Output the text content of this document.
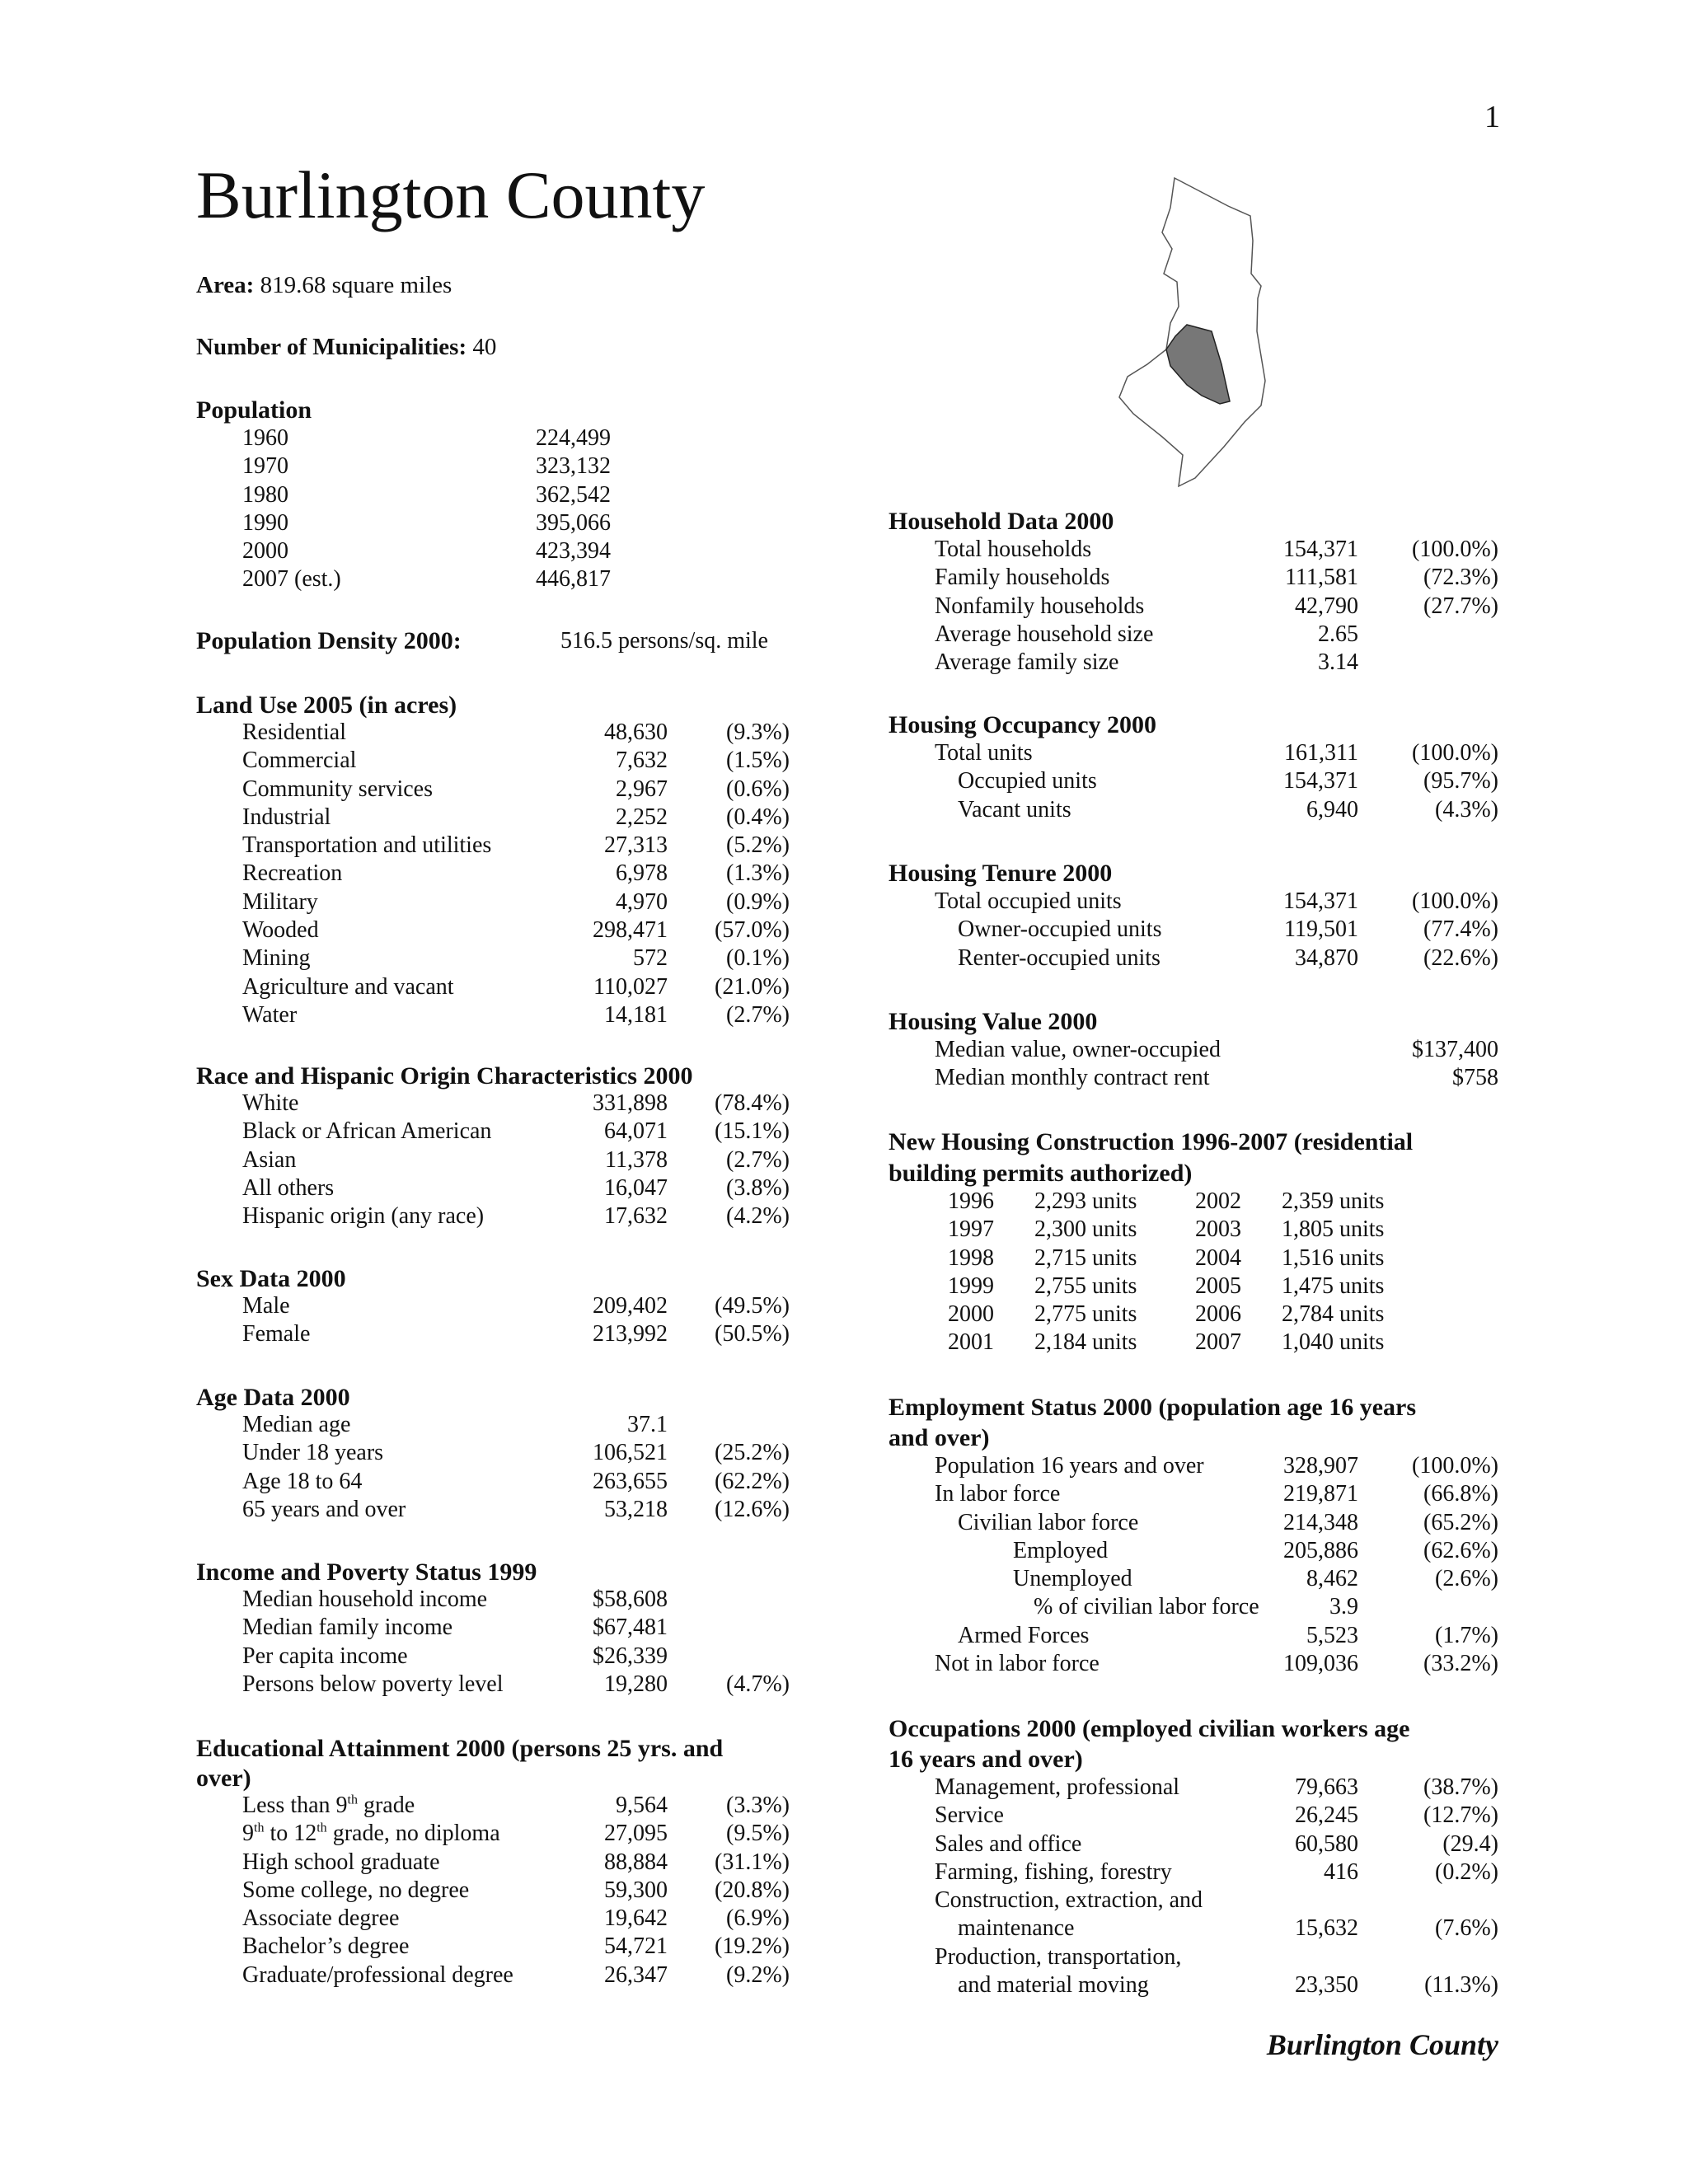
1
Burlington County
Area: 819.68 square miles
Number of Municipalities: 40
Population
1960	224,499
1970	323,132
1980	362,542
1990	395,066
2000	423,394
2007 (est.)	446,817
Population Density 2000:	516.5 persons/sq. mile
Land Use 2005 (in acres)
Residential	48,630	(9.3%)
Commercial	7,632	(1.5%)
Community services	2,967	(0.6%)
Industrial	2,252	(0.4%)
Transportation and utilities	27,313	(5.2%)
Recreation	6,978	(1.3%)
Military	4,970	(0.9%)
Wooded	298,471	(57.0%)
Mining	572	(0.1%)
Agriculture and vacant	110,027	(21.0%)
Water	14,181	(2.7%)
Race and Hispanic Origin Characteristics 2000
White	331,898	(78.4%)
Black or African American	64,071	(15.1%)
Asian	11,378	(2.7%)
All others	16,047	(3.8%)
Hispanic origin (any race)	17,632	(4.2%)
Sex Data 2000
Male	209,402	(49.5%)
Female	213,992	(50.5%)
Age Data 2000
Median age	37.1
Under 18 years	106,521	(25.2%)
Age 18 to 64	263,655	(62.2%)
65 years and over	53,218	(12.6%)
Income and Poverty Status 1999
Median household income	$58,608
Median family income	$67,481
Per capita income	$26,339
Persons below poverty level	19,280	(4.7%)
Educational Attainment 2000 (persons 25 yrs. and
over)
Less than 9th grade	9,564	(3.3%)
9th to 12th grade, no diploma	27,095	(9.5%)
High school graduate	88,884	(31.1%)
Some college, no degree	59,300	(20.8%)
Associate degree	19,642	(6.9%)
Bachelor’s degree	54,721	(19.2%)
Graduate/professional degree	26,347	(9.2%)
Household Data 2000
Total households	154,371	(100.0%)
Family households	111,581	(72.3%)
Nonfamily households	42,790	(27.7%)
Average household size	2.65
Average family size	3.14
Housing Occupancy 2000
Total units	161,311	(100.0%)
Occupied units	154,371	(95.7%)
Vacant units	6,940	(4.3%)
Housing Tenure 2000
Total occupied units	154,371	(100.0%)
Owner-occupied units	119,501	(77.4%)
Renter-occupied units	34,870	(22.6%)
Housing Value 2000
Median value, owner-occupied	$137,400
Median monthly contract rent	$758
New Housing Construction 1996-2007 (residential
building permits authorized)
1996 2,293 units	2002 2,359 units
1997 2,300 units	2003 1,805 units
1998 2,715 units	2004 1,516 units
1999 2,755 units	2005 1,475 units
2000 2,775 units	2006 2,784 units
2001 2,184 units	2007 1,040 units
Employment Status 2000 (population age 16 years
and over)
Population 16 years and over	328,907	(100.0%)
In labor force	219,871	(66.8%)
Civilian labor force	214,348	(65.2%)
Employed	205,886	(62.6%)
Unemployed	8,462	(2.6%)
% of civilian labor force	3.9
Armed Forces	5,523	(1.7%)
Not in labor force	109,036	(33.2%)
Occupations 2000 (employed civilian workers age
16 years and over)
Management, professional	79,663	(38.7%)
Service	26,245	(12.7%)
Sales and office	60,580	(29.4)
Farming, fishing, forestry	416	(0.2%)
Construction, extraction, and
maintenance	15,632	(7.6%)
Production, transportation,
and material moving	23,350	(11.3%)
Burlington County
